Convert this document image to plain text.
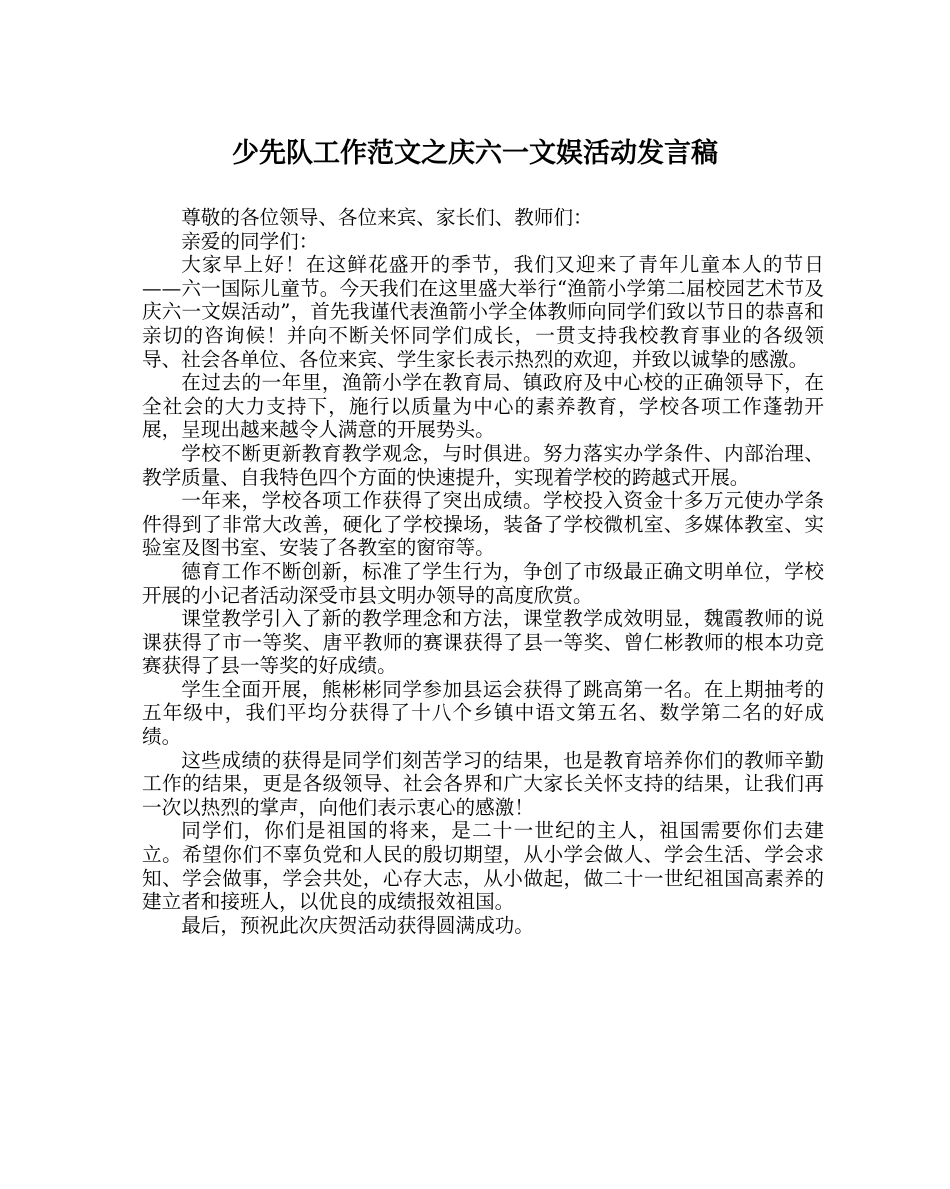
少先队工作范文之庆六一文娱活动发言稿

尊敬的各位领导、各位来宾、家长们、教师们：

亲爱的同学们：

大家早上好！在这鲜花盛开的季节，我们又迎来了青年儿童本人的节日——六一国际儿童节。今天我们在这里盛大举行“渔箭小学第二届校园艺术节及庆六一文娱活动”，首先我谨代表渔箭小学全体教师向同学们致以节日的恭喜和亲切的咨询候！并向不断关怀同学们成长，一贯支持我校教育事业的各级领导、社会各单位、各位来宾、学生家长表示热烈的欢迎，并致以诚挚的感激。

在过去的一年里，渔箭小学在教育局、镇政府及中心校的正确领导下，在全社会的大力支持下，施行以质量为中心的素养教育，学校各项工作蓬勃开展，呈现出越来越令人满意的开展势头。

学校不断更新教育教学观念，与时俱进。努力落实办学条件、内部治理、教学质量、自我特色四个方面的快速提升，实现着学校的跨越式开展。

一年来，学校各项工作获得了突出成绩。学校投入资金十多万元使办学条件得到了非常大改善，硬化了学校操场，装备了学校微机室、多媒体教室、实验室及图书室、安装了各教室的窗帘等。

德育工作不断创新，标准了学生行为，争创了市级最正确文明单位，学校开展的小记者活动深受市县文明办领导的高度欣赏。

课堂教学引入了新的教学理念和方法，课堂教学成效明显，魏霞教师的说课获得了市一等奖、唐平教师的赛课获得了县一等奖、曾仁彬教师的根本功竞赛获得了县一等奖的好成绩。

学生全面开展，熊彬彬同学参加县运会获得了跳高第一名。在上期抽考的五年级中，我们平均分获得了十八个乡镇中语文第五名、数学第二名的好成绩。

这些成绩的获得是同学们刻苦学习的结果，也是教育培养你们的教师辛勤工作的结果，更是各级领导、社会各界和广大家长关怀支持的结果，让我们再一次以热烈的掌声，向他们表示衷心的感激！

同学们，你们是祖国的将来，是二十一世纪的主人，祖国需要你们去建立。希望你们不辜负党和人民的殷切期望，从小学会做人、学会生活、学会求知、学会做事，学会共处，心存大志，从小做起，做二十一世纪祖国高素养的建立者和接班人，以优良的成绩报效祖国。

最后，预祝此次庆贺活动获得圆满成功。
